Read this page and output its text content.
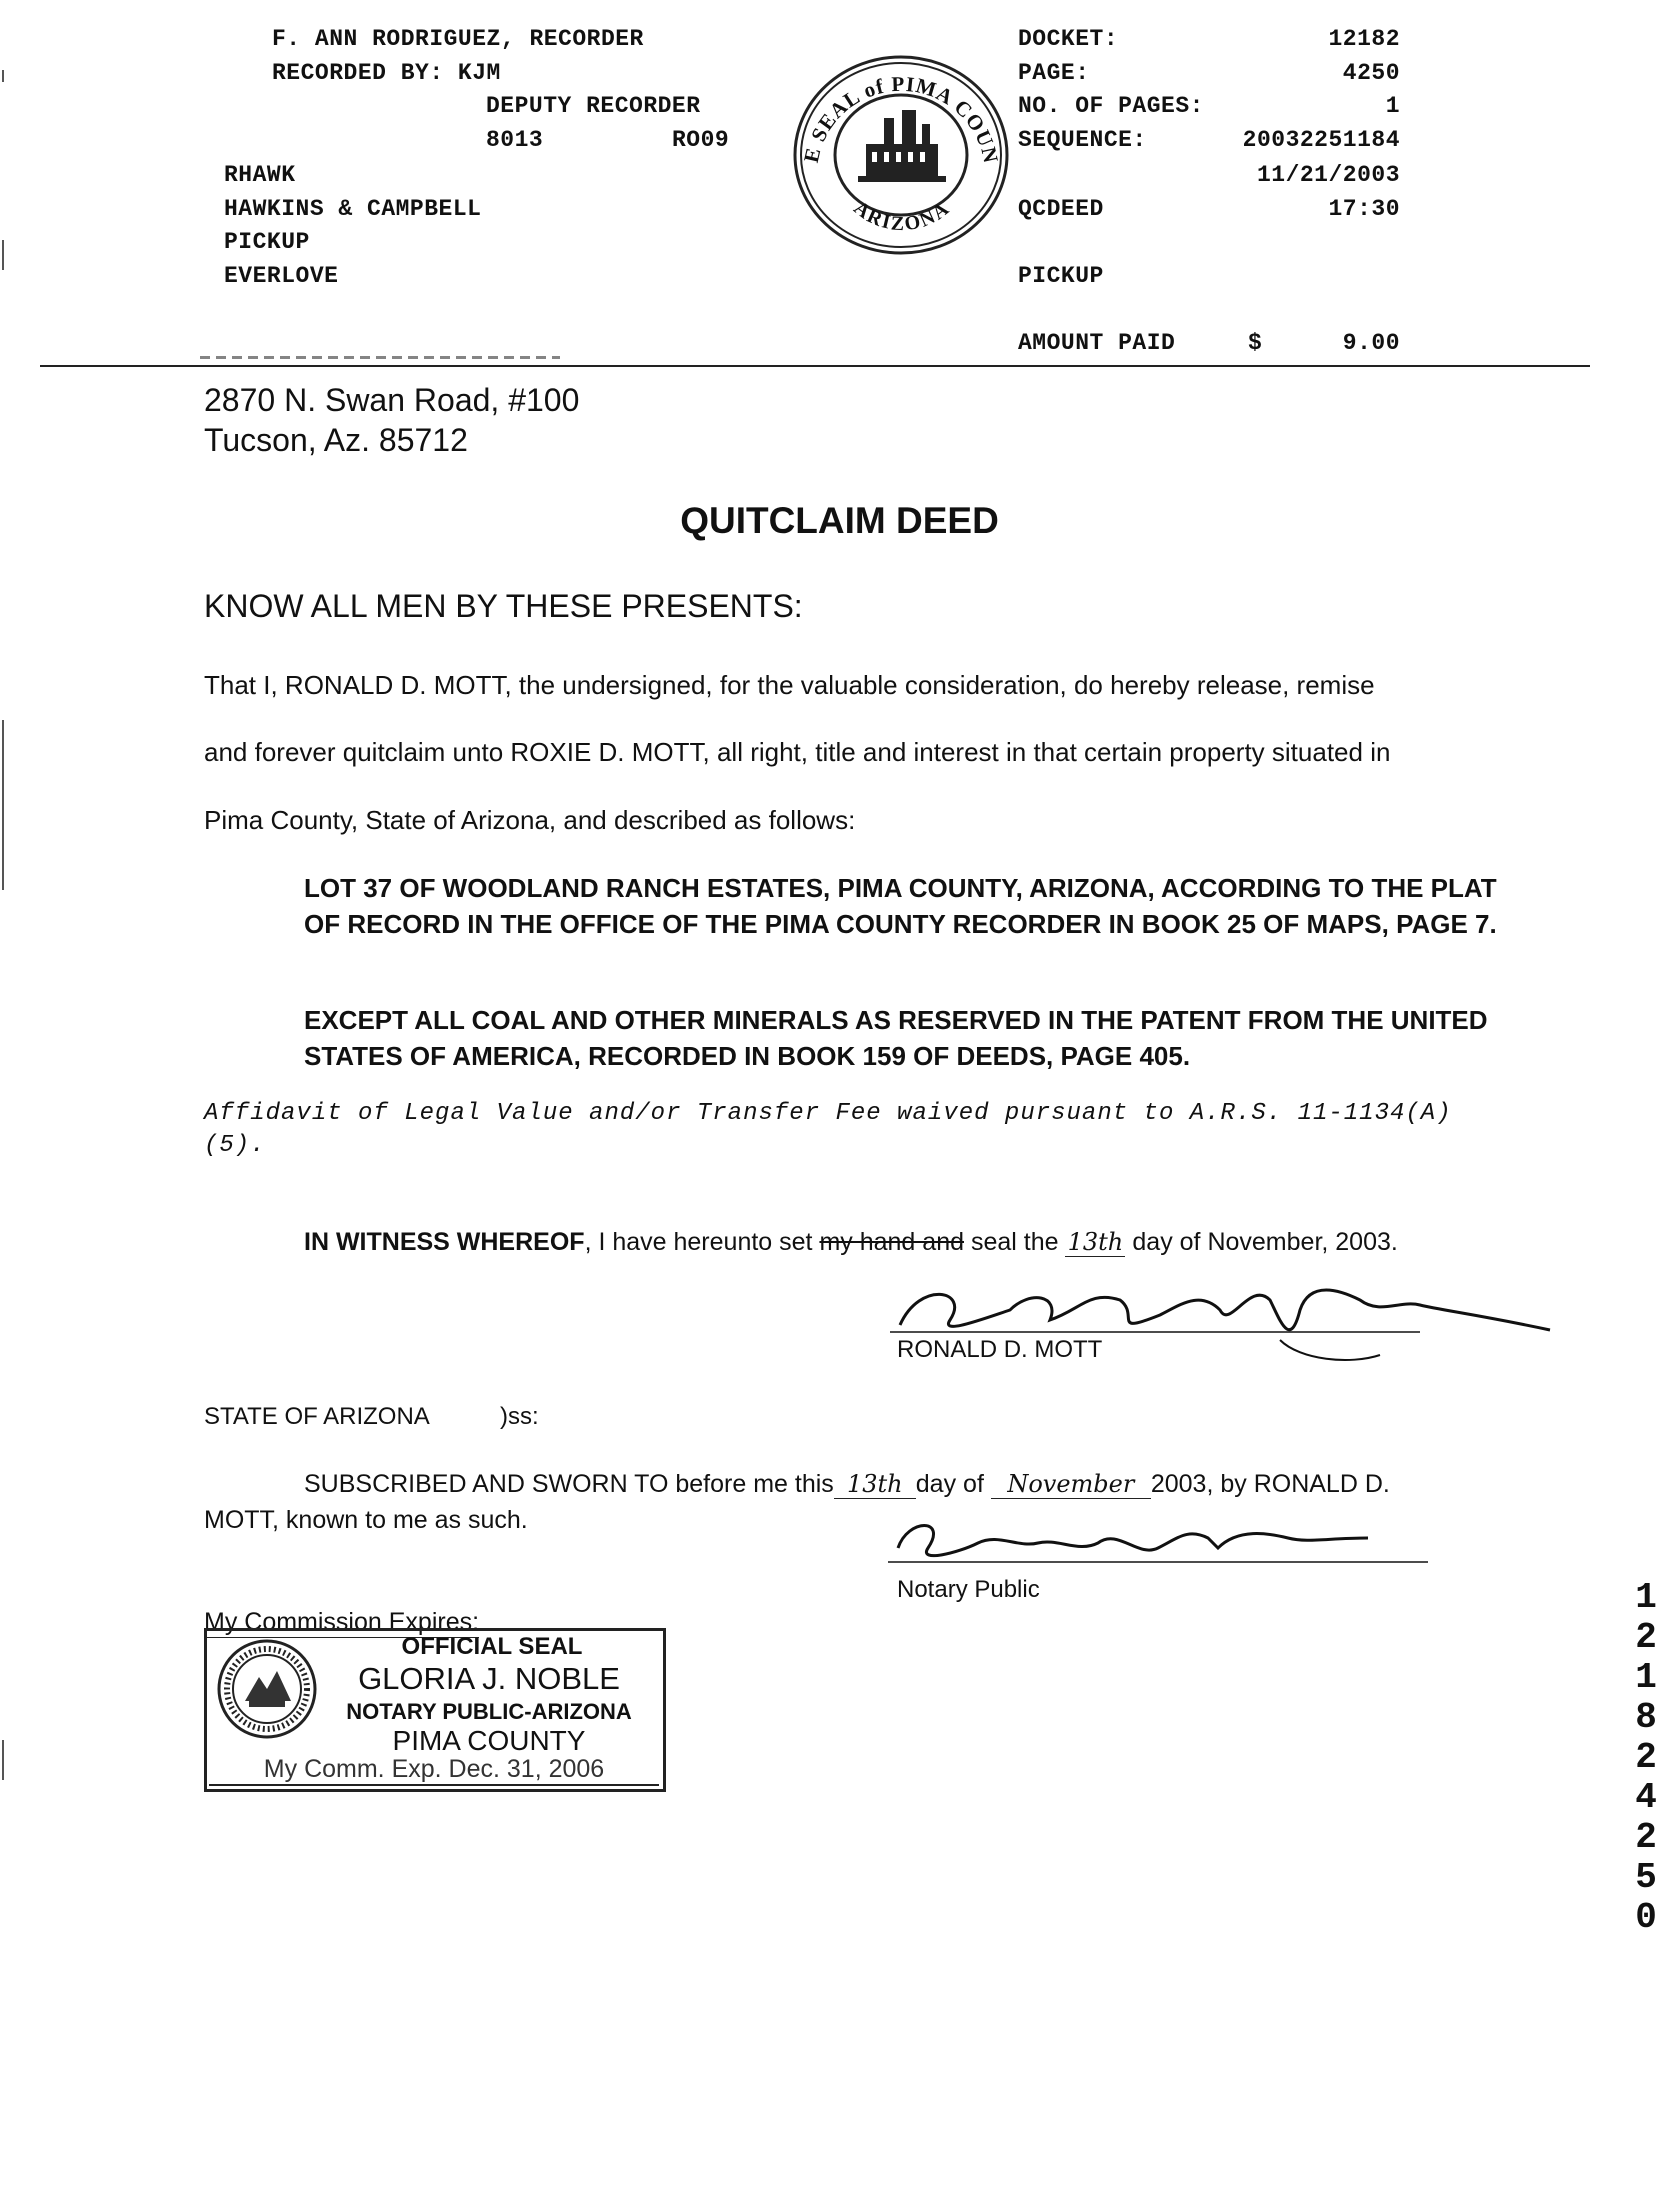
F. ANN RODRIGUEZ, RECORDER
RECORDED BY: KJM
DEPUTY RECORDER
8013	RO09
RHAWK
HAWKINS & CAMPBELL
PICKUP
EVERLOVE
DOCKET:	12182
PAGE:	4250
NO. OF PAGES:	1
SEQUENCE:	20032251184
11/21/2003
QCDEED	17:30
PICKUP
AMOUNT PAID	$	9.00
E SEAL of PIMA COUN
ARIZONA
2870 N. Swan Road, #100
Tucson, Az. 85712
QUITCLAIM DEED
KNOW ALL MEN BY THESE PRESENTS:
That I, RONALD D. MOTT, the undersigned, for the valuable consideration, do hereby release, remise
and forever quitclaim unto ROXIE D. MOTT, all right, title and interest in that certain property situated in
Pima County, State of Arizona, and described as follows:
LOT 37 OF WOODLAND RANCH ESTATES, PIMA COUNTY, ARIZONA, ACCORDING TO THE PLAT OF RECORD IN THE OFFICE OF THE PIMA COUNTY RECORDER IN BOOK 25 OF MAPS, PAGE 7.
EXCEPT ALL COAL AND OTHER MINERALS AS RESERVED IN THE PATENT FROM THE UNITED STATES OF AMERICA, RECORDED IN BOOK 159 OF DEEDS, PAGE 405.
Affidavit of Legal Value and/or Transfer Fee waived pursuant to A.R.S. 11-1134(A)(5).
IN WITNESS WHEREOF, I have hereunto set my hand and seal the 13th day of November, 2003.
RONALD D. MOTT
STATE OF ARIZONA	)ss:
SUBSCRIBED AND SWORN TO before me this 13th day of November 2003, by RONALD D.
MOTT, known to me as such.
Notary Public
My Commission Expires:
OFFICIAL SEAL
GLORIA J. NOBLE
NOTARY PUBLIC-ARIZONA
PIMA COUNTY
My Comm. Exp. Dec. 31, 2006
1
2
1
8
2
4
2
5
0
